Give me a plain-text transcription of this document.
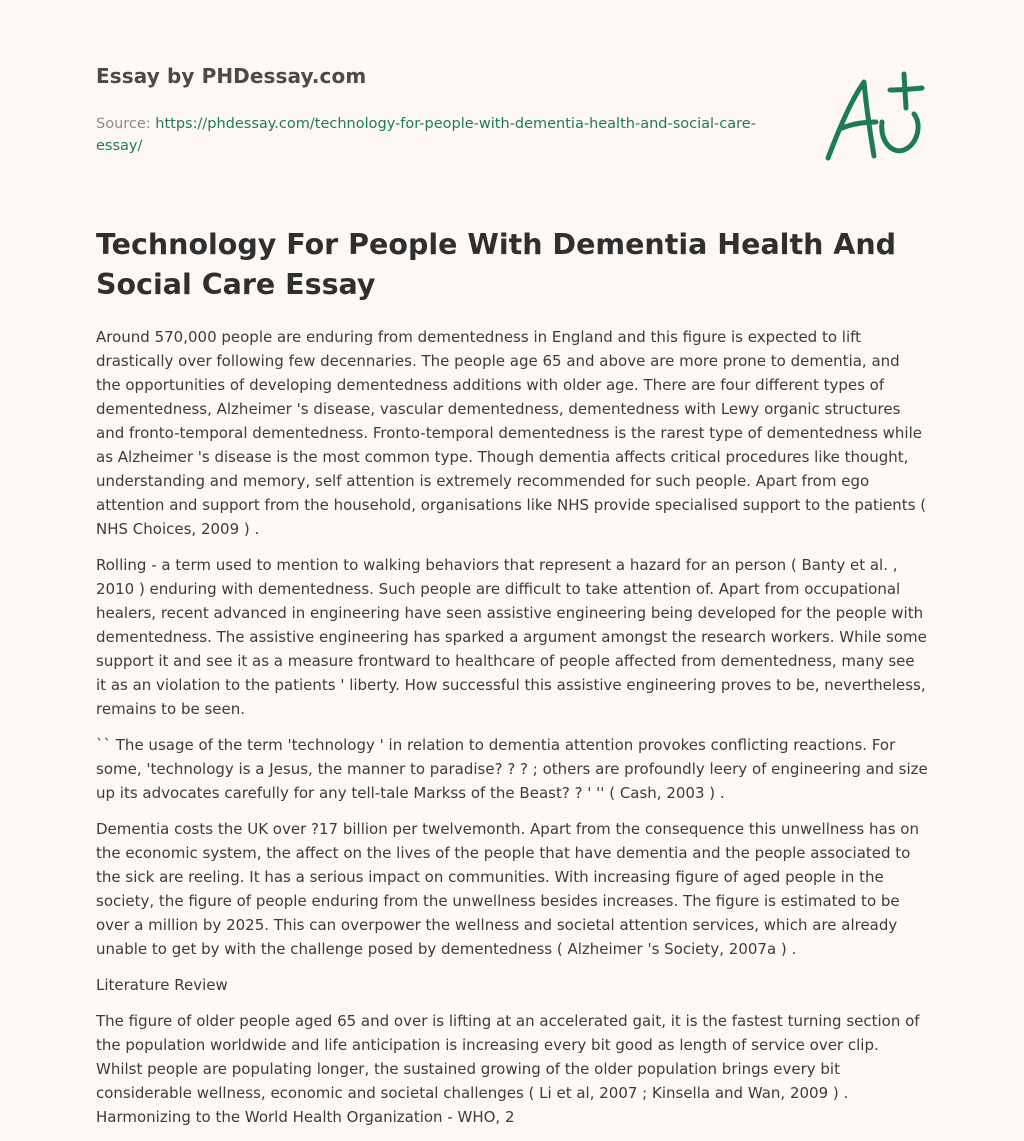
Essay by PHDessay.com
Source: https://phdessay.com/technology-for-people-with-dementia-health-and-social-care-essay/
Technology For People With Dementia Health And Social Care Essay

Around 570,000 people are enduring from dementedness in England and this figure is expected to lift drastically over following few decennaries. The people age 65 and above are more prone to dementia, and the opportunities of developing dementedness additions with older age. There are four different types of dementedness, Alzheimer 's disease, vascular dementedness, dementedness with Lewy organic structures and fronto-temporal dementedness. Fronto-temporal dementedness is the rarest type of dementedness while as Alzheimer 's disease is the most common type. Though dementia affects critical procedures like thought, understanding and memory, self attention is extremely recommended for such people. Apart from ego attention and support from the household, organisations like NHS provide specialised support to the patients ( NHS Choices, 2009 ) .

Rolling - a term used to mention to walking behaviors that represent a hazard for an person ( Banty et al. , 2010 ) enduring with dementedness. Such people are difficult to take attention of. Apart from occupational healers, recent advanced in engineering have seen assistive engineering being developed for the people with dementedness. The assistive engineering has sparked a argument amongst the research workers. While some support it and see it as a measure frontward to healthcare of people affected from dementedness, many see it as an violation to the patients ' liberty. How successful this assistive engineering proves to be, nevertheless, remains to be seen.

`` The usage of the term 'technology ' in relation to dementia attention provokes conflicting reactions. For some, 'technology is a Jesus, the manner to paradise? ? ? ; others are profoundly leery of engineering and size up its advocates carefully for any tell-tale Markss of the Beast? ? ' '' ( Cash, 2003 ) .

Dementia costs the UK over ?17 billion per twelvemonth. Apart from the consequence this unwellness has on the economic system, the affect on the lives of the people that have dementia and the people associated to the sick are reeling. It has a serious impact on communities. With increasing figure of aged people in the society, the figure of people enduring from the unwellness besides increases. The figure is estimated to be over a million by 2025. This can overpower the wellness and societal attention services, which are already unable to get by with the challenge posed by dementedness ( Alzheimer 's Society, 2007a ) .

Literature Review

The figure of older people aged 65 and over is lifting at an accelerated gait, it is the fastest turning section of the population worldwide and life anticipation is increasing every bit good as length of service over clip. Whilst people are populating longer, the sustained growing of the older population brings every bit considerable wellness, economic and societal challenges ( Li et al, 2007 ; Kinsella and Wan, 2009 ) . Harmonizing to the World Health Organization - WHO, 2
